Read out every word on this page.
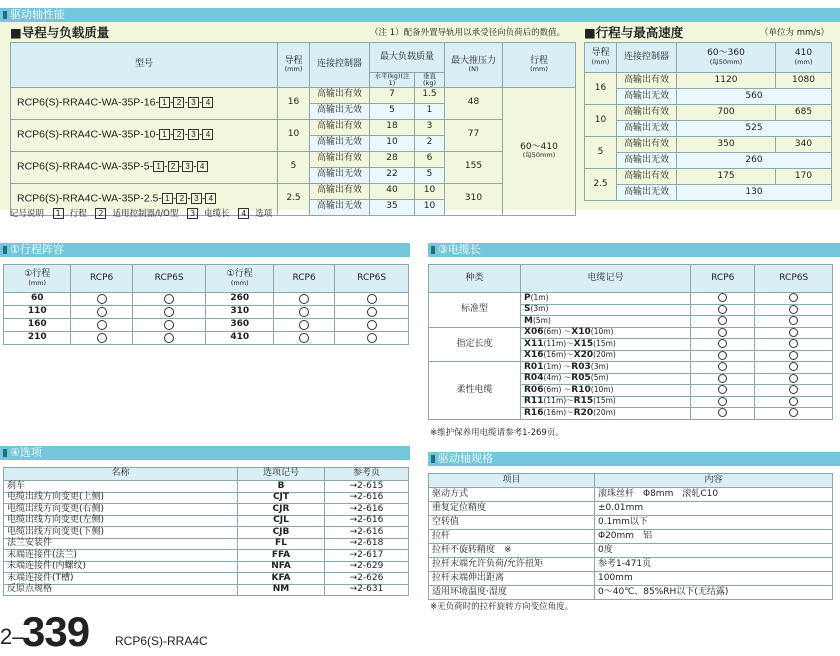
驱动轴性能
■导程与负载质量	（注 1）配备外置导轨用以承受径向负荷后的数值。
型号	导程
(mm)	连接控制器	最大负载质量		最大推压力
(N)	行程
(mm)

			水平(kg)(注1)	垂直(kg)		
RCP6(S)-RRA4C-WA-35P-16- 1 - 2 - 3 - 4	16	高输出有效	7	1.5	48	60～410
(每50mm)

		高输出无效	5	1		
RCP6(S)-RRA4C-WA-35P-10- 1 - 2 - 3 - 4	10	高输出有效	18	3	77	
		高输出无效	10	2		
RCP6(S)-RRA4C-WA-35P-5- 1 - 2 - 3 - 4	5	高输出有效	28	6	155	
		高输出无效	22	5		
RCP6(S)-RRA4C-WA-35P-2.5- 1 - 2 - 3 - 4	2.5	高输出有效	40	10	310	
		高输出无效	35	10		
记号说明 1 行程 2 适用控制器/I/O型 3 电缆长 4 选项
■行程与最高速度	（单位为 mm/s）
导程
(mm)	连接控制器	60～360
(每50mm)	410
(mm)

16	高输出有效	1120	1080
	高输出无效	560	
10	高输出有效	700	685
	高输出无效	525	
5	高输出有效	350	340
	高输出无效	260	
2.5	高输出有效	175	170
	高输出无效	130	
①行程阵容
①行程
(mm)	RCP6	RCP6S	①行程
(mm)	RCP6	RCP6S
60			260		
110			310		
160			360		
210			410		
③电缆长
种类	电缆记号	RCP6	RCP6S
标准型	P(1m)		
	S(3m)		
	M(5m)		
指定长度	X06(6m) ～X10(10m)		
	X11(11m)～X15(15m)		
	X16(16m)～X20(20m)		
柔性电缆	R01(1m) ～R03(3m)		
	R04(4m) ～R05(5m)		
	R06(6m) ～R10(10m)		
	R11(11m)～R15(15m)		
	R16(16m)～R20(20m)		
※维护保养用电缆请参考1-269页。
④选项
名称	选项记号	参考页
刹车	B	→2-615
电缆出线方向变更(上侧)	CJT	→2-616
电缆出线方向变更(右侧)	CJR	→2-616
电缆出线方向变更(左侧)	CJL	→2-616
电缆出线方向变更(下侧)	CJB	→2-616
法兰安装件	FL	→2-618
末端连接件(法兰)	FFA	→2-617
末端连接件(内螺纹)	NFA	→2-629
末端连接件(T槽)	KFA	→2-626
反原点规格	NM	→2-631
驱动轴规格
项目	内容
驱动方式	滚珠丝杆　Φ8mm　滚轧C10
重复定位精度	±0.01mm
空转值	0.1mm以下
拉杆	Φ20mm　铝
拉杆不旋转精度　※	0度
拉杆末端允许负荷/允许扭矩	参考1-471页
拉杆末端伸出距离	100mm
适用环境温度·湿度	0～40℃、85%RH以下(无结露)
※无负荷时的拉杆旋转方向变位角度。
2–
339 RCP6(S)-RRA4C
